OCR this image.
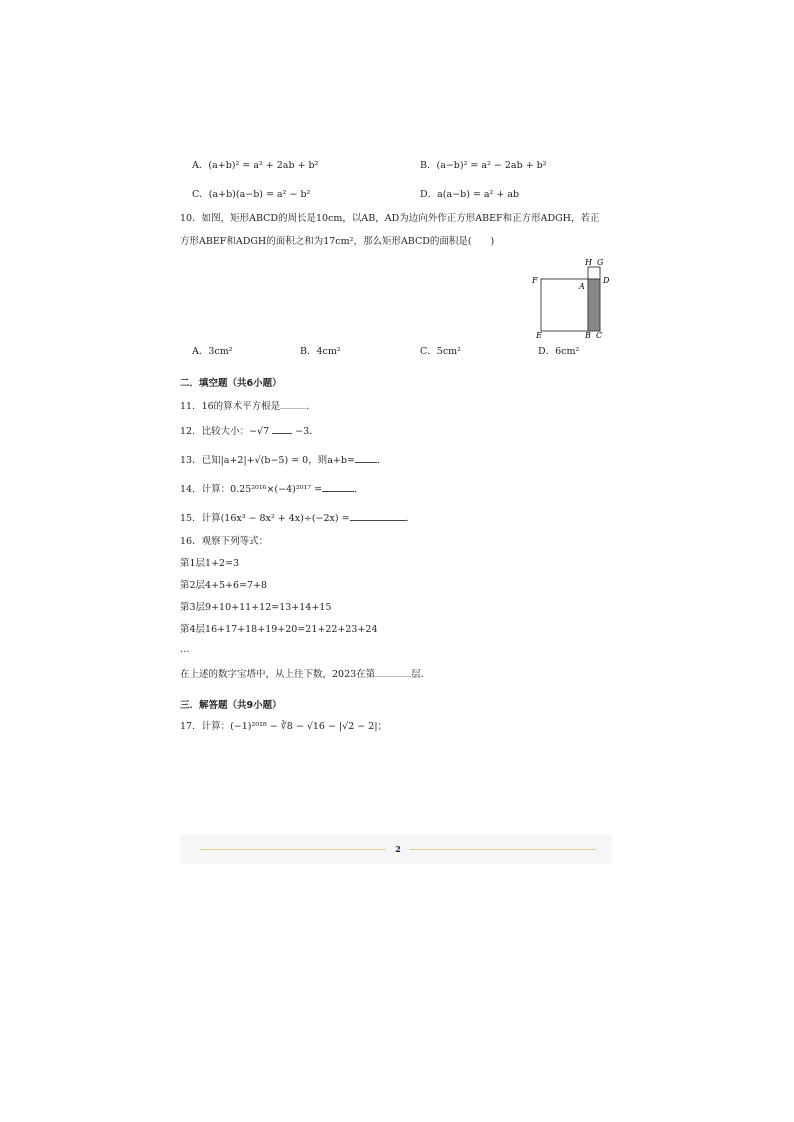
A．(a+b)² = a² + 2ab + b²	B．(a−b)² = a² − 2ab + b²
C．(a+b)(a−b) = a² − b²	D．a(a−b) = a² + ab
10．如图，矩形ABCD的周长是10cm，以AB，AD为边向外作正方形ABEF和正方形ADGH，若正
方形ABEF和ADGH的面积之和为17cm²，那么矩形ABCD的面积是(　　)
H G
F
A
D
E	B C
A．3cm²	B．4cm²	C．5cm²	D．6cm²
二．填空题（共6小题）
11．16的算术平方根是	．
12．比较大小：−√7	−3．
13．已知|a+2|+√(b−5) = 0，则a+b= ．
14．计算：0.25²⁰¹⁶×(−4)²⁰¹⁷ =	．
15．计算(16x³ − 8x² + 4x)÷(−2x) =	．
16．观察下列等式：
第1层1+2=3
第2层4+5+6=7+8
第3层9+10+11+12=13+14+15
第4层16+17+18+19+20=21+22+23+24
…
在上述的数字宝塔中，从上往下数，2023在第	层．
三．解答题（共9小题）
17．计算：(−1)²⁰¹⁸ − ∛8 − √16 − |√2 − 2|；
2
